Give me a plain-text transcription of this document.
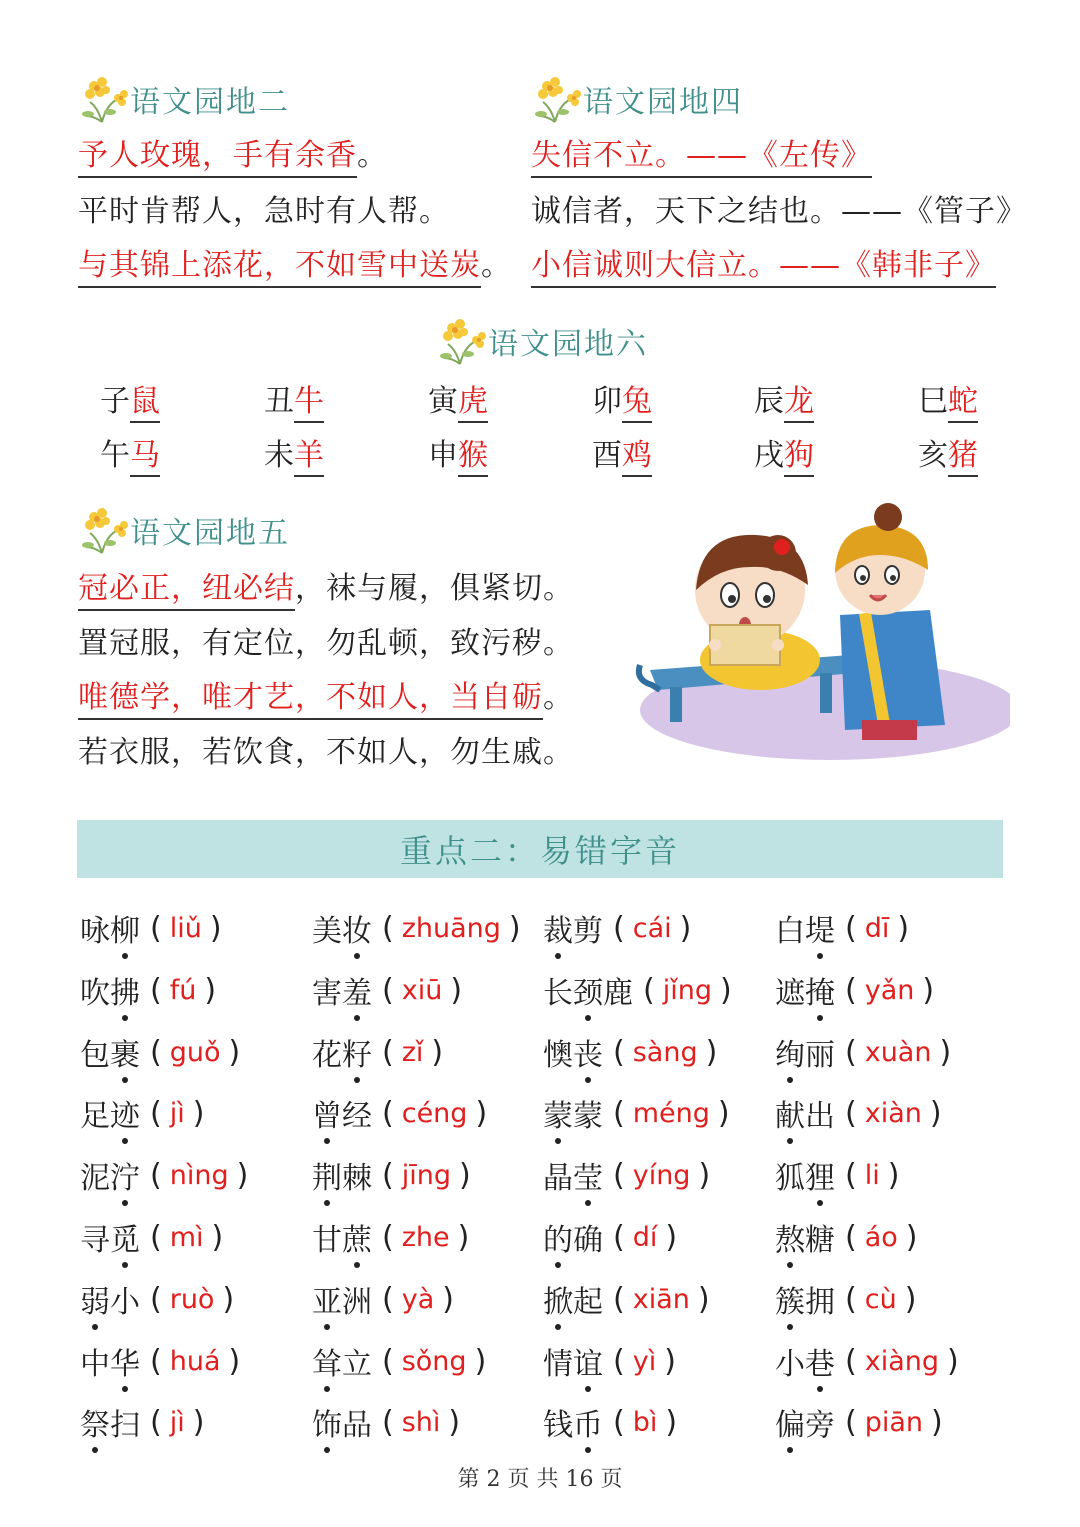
语文园地二
予人玫瑰，手有余香。
平时肯帮人，急时有人帮。
与其锦上添花，不如雪中送炭。
语文园地四
失信不立。——《左传》
诚信者，天下之结也。——《管子》
小信诚则大信立。——《韩非子》
语文园地六
子鼠	丑牛	寅虎	卯兔	辰龙	巳蛇
午马	未羊	申猴	酉鸡	戌狗	亥猪
语文园地五
冠必正，纽必结，袜与履，俱紧切。
置冠服，有定位，勿乱顿，致污秽。
唯德学，唯才艺，不如人，当自砺。
若衣服，若饮食，不如人，勿生戚。
重点二：易错字音
咏柳 ( liǔ )	美妆 ( zhuāng ) 裁剪 ( cái )	白堤 ( dī )
吹拂 ( fú )	害羞 ( xiū )	长颈鹿 ( jǐng ) 遮掩 ( yǎn )
包裹 ( guǒ ) 花籽 ( zǐ )	懊丧 ( sàng ) 绚丽 ( xuàn )
足迹 ( jì )	曾经 ( céng ) 蒙蒙 ( méng ) 献出 ( xiàn )
泥泞 ( nìng ) 荆棘 ( jīng ) 晶莹 ( yíng ) 狐狸 ( li )
寻觅 ( mì )	甘蔗 ( zhe ) 的确 ( dí )	熬糖 ( áo )
弱小 ( ruò )	亚洲 ( yà )	掀起 ( xiān ) 簇拥 ( cù )
中华 ( huá ) 耸立 ( sǒng ) 情谊 ( yì )	小巷 ( xiàng )
祭扫 ( jì )	饰品 ( shì )	钱币 ( bì )	偏旁 ( piān )
第 2 页 共 16 页
